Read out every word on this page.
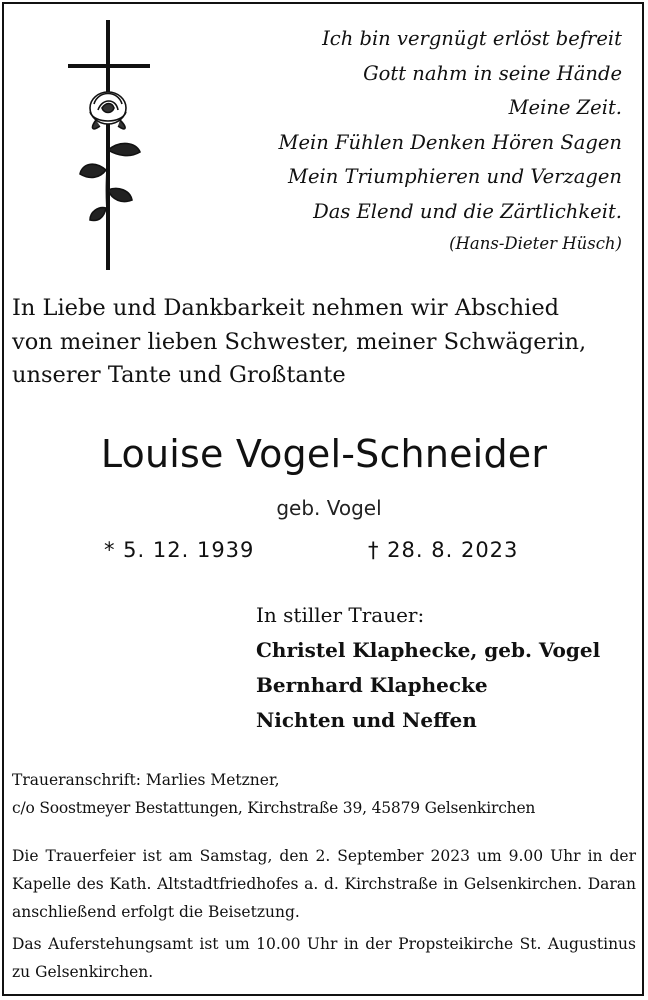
Ich bin vergnügt erlöst befreit
Gott nahm in seine Hände
Meine Zeit.
Mein Fühlen Denken Hören Sagen
Mein Triumphieren und Verzagen
Das Elend und die Zärtlichkeit.
(Hans-Dieter Hüsch)
In Liebe und Dankbarkeit nehmen wir Abschied
von meiner lieben Schwester, meiner Schwägerin,
unserer Tante und Großtante
Louise Vogel-Schneider
geb. Vogel
* 5. 12. 1939	† 28. 8. 2023
In stiller Trauer:
Christel Klaphecke, geb. Vogel
Bernhard Klaphecke
Nichten und Neffen
Traueranschrift: Marlies Metzner,
c/o Soostmeyer Bestattungen, Kirchstraße 39, 45879 Gelsenkirchen
Die Trauerfeier ist am Samstag, den 2. September 2023 um 9.00 Uhr in der Kapelle des Kath. Altstadtfriedhofes a. d. Kirchstraße in Gelsenkirchen. Daran anschließend erfolgt die Beisetzung.
Das Auferstehungsamt ist um 10.00 Uhr in der Propsteikirche St. Augustinus zu Gelsenkirchen.
